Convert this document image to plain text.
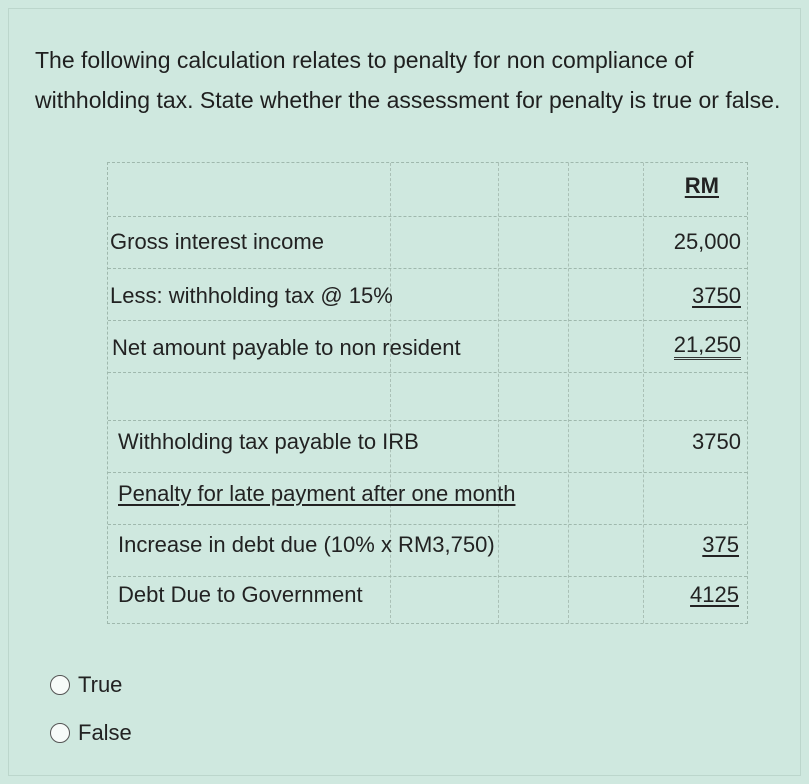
The following calculation relates to penalty for non compliance of withholding tax. State whether the assessment for penalty is true or false.
RM
Gross interest income	25,000
Less: withholding tax @ 15%	3750
Net amount payable to non resident	21,250
Withholding tax payable to IRB	3750
Penalty for late payment after one month
Increase in debt due (10% x RM3,750)	375
Debt Due to Government	4125
True
False
